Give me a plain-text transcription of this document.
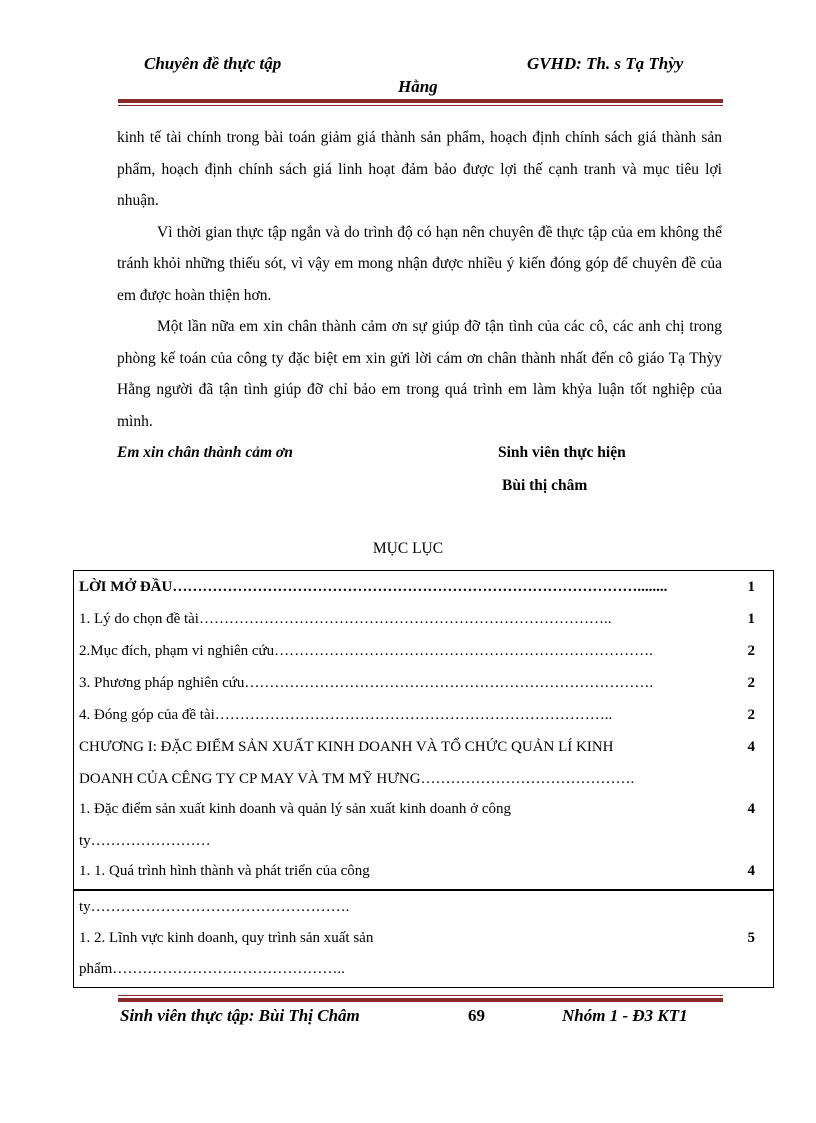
Chuyên đề thực tập	GVHD: Th. s Tạ Thỳy
Hằng

kinh tế tài chính trong bài toán giảm giá thành sản phẩm, hoạch định chính sách giá thành sản phẩm, hoạch định chính sách giá linh hoạt đảm bảo được lợi thế cạnh tranh và mục tiêu lợi nhuận.

Vì thời gian thực tập ngắn và do trình độ có hạn nên chuyên đề thực tập của em không thể tránh khỏi những thiếu sót, vì vậy em mong nhận được nhiều ý kiến đóng góp để chuyên đề của em được hoàn thiện hơn.

Một lần nữa em xin chân thành cảm ơn sự giúp đỡ tận tình của các cô, các anh chị trong phòng kế toán của công ty đặc biệt em xin gửi lời cám ơn chân thành nhất đến cô giáo Tạ Thỳy Hằng người đã tận tình giúp đỡ chỉ bảo em trong quá trình em làm khỷa luận tốt nghiệp của mình.

Em xin chân thành cảm ơn	Sinh viên thực hiện
Bùi thị châm
MỤC LỤC
LỜI MỞ ĐẦU…………………………………………………………………………………........	1
1. Lý do chọn đề tài………………………………………………………………………..	1
2.Mục đích, phạm vi nghiên cứu………………………………………………………………….	2
3. Phương pháp nghiên cứu……………………………………………………………………….	2
4. Đóng góp của đề tài……………………………………………………………………..	2
CHƯƠNG I: ĐẶC ĐIỂM SẢN XUẤT KINH DOANH VÀ TỔ CHỨC QUẢN LÍ KINH	4
DOANH CỦA CÊNG TY CP MAY VÀ TM MỸ HƯNG…………………………………….
1. Đặc điểm sản xuất kinh doanh và quản lý sản xuất kinh doanh ở công	4
ty……………………
1. 1. Quá trình hình thành và phát triển của công	4
ty…………………………………………….
1. 2. Lĩnh vực kinh doanh, quy trình sản xuất sản	5
phẩm………………………………………..
Sinh viên thực tập: Bùi Thị Châm	69	Nhóm 1 - Đ3 KT1
